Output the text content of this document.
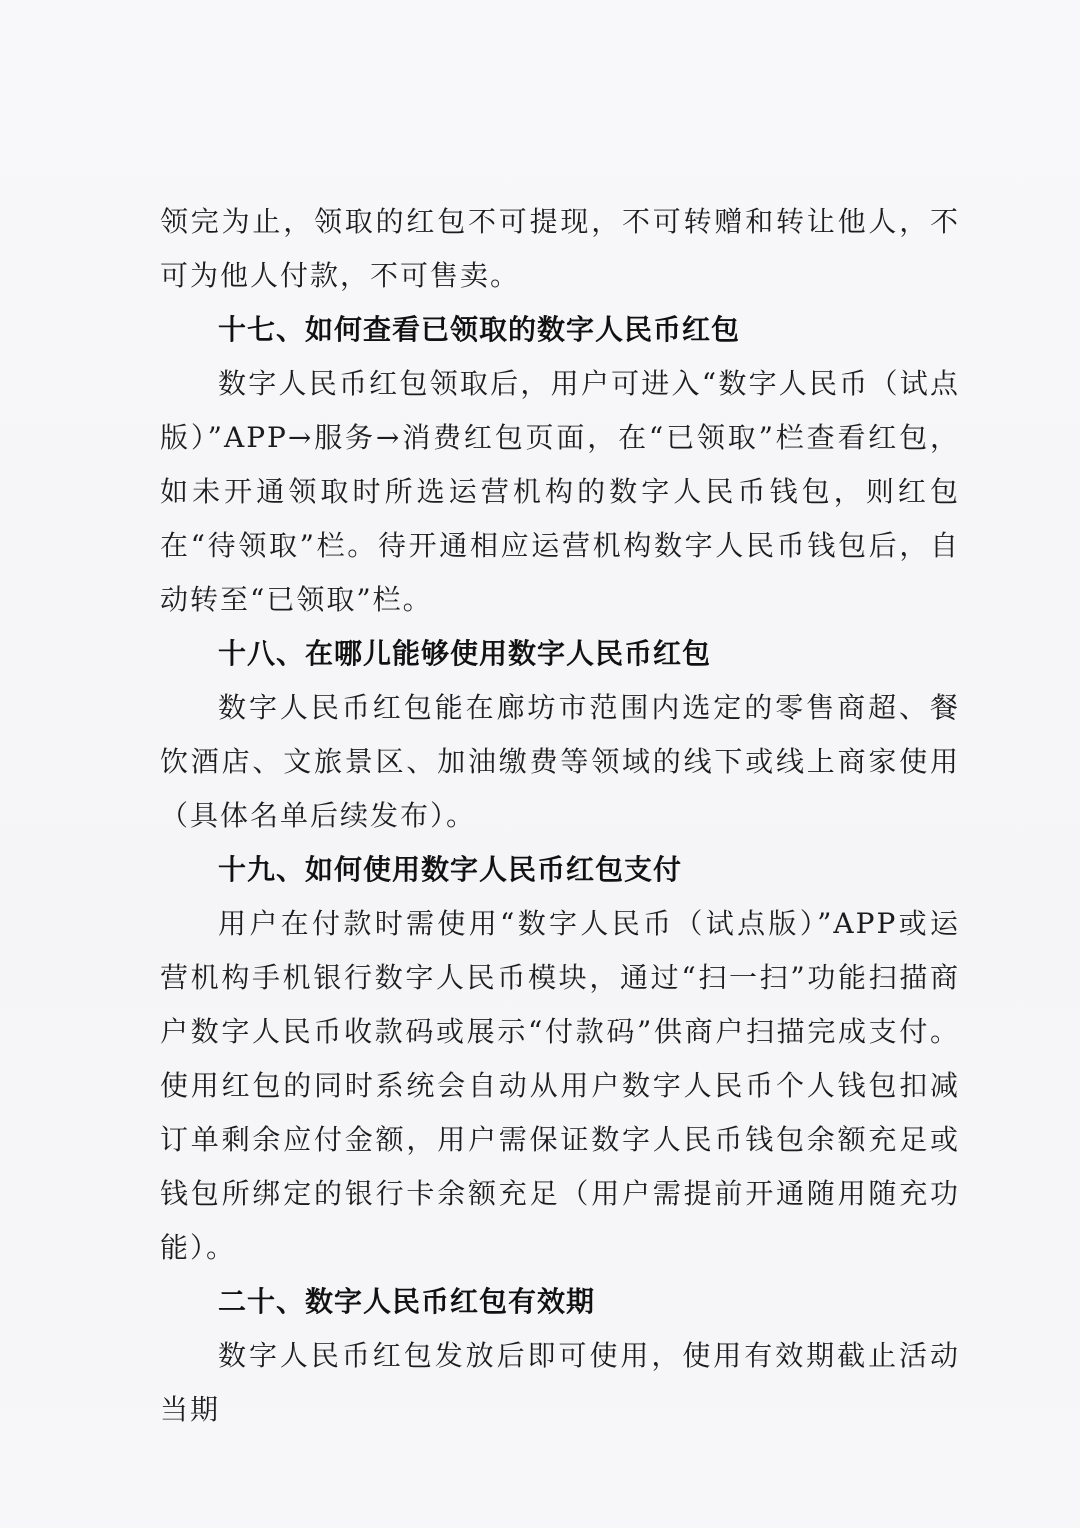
领完为止，领取的红包不可提现，不可转赠和转让他人，不可为他人付款，不可售卖。

十七、如何查看已领取的数字人民币红包

数字人民币红包领取后，用户可进入“数字人民币（试点版）”APP→服务→消费红包页面，在“已领取”栏查看红包，如未开通领取时所选运营机构的数字人民币钱包，则红包在“待领取”栏。待开通相应运营机构数字人民币钱包后，自动转至“已领取”栏。

十八、在哪儿能够使用数字人民币红包

数字人民币红包能在廊坊市范围内选定的零售商超、餐饮酒店、文旅景区、加油缴费等领域的线下或线上商家使用（具体名单后续发布）。

十九、如何使用数字人民币红包支付

用户在付款时需使用“数字人民币（试点版）”APP或运营机构手机银行数字人民币模块，通过“扫一扫”功能扫描商户数字人民币收款码或展示“付款码”供商户扫描完成支付。使用红包的同时系统会自动从用户数字人民币个人钱包扣减订单剩余应付金额，用户需保证数字人民币钱包余额充足或钱包所绑定的银行卡余额充足（用户需提前开通随用随充功能）。

二十、数字人民币红包有效期

数字人民币红包发放后即可使用，使用有效期截止活动当期
